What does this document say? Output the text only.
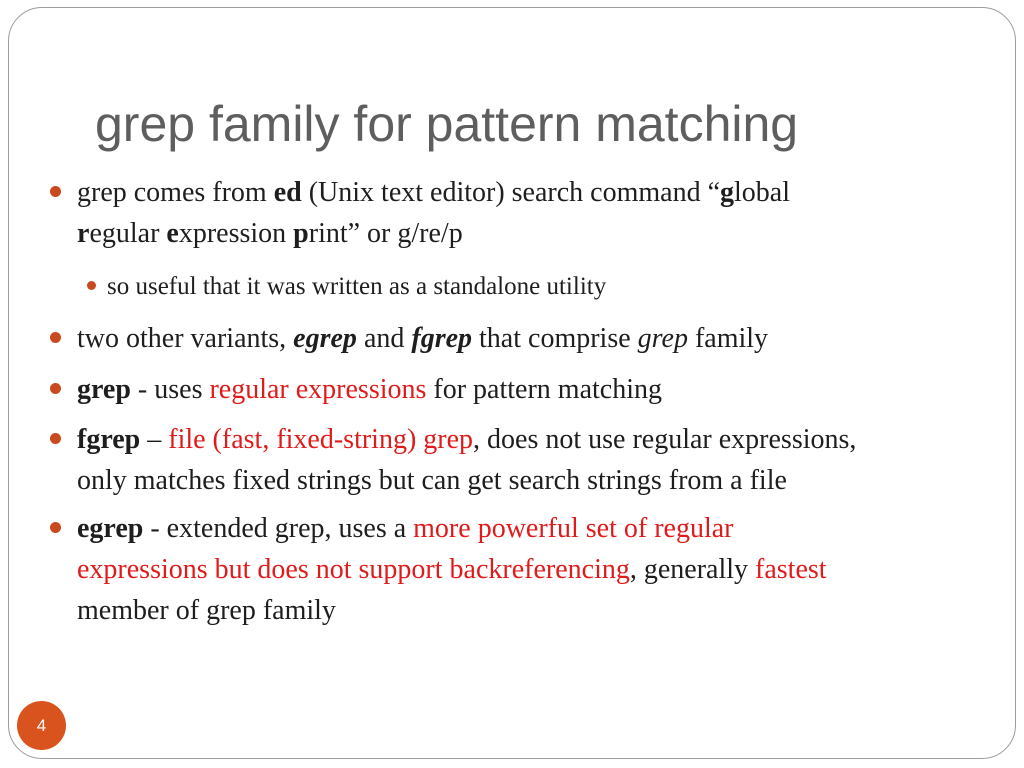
grep family for pattern matching
grep comes from ed (Unix text editor) search command “global
regular expression print” or g/re/p
so useful that it was written as a standalone utility
two other variants, egrep and fgrep that comprise grep family
grep - uses regular expressions for pattern matching
fgrep – file (fast, fixed-string) grep, does not use regular expressions,
only matches fixed strings but can get search strings from a file
egrep - extended grep, uses a more powerful set of regular
expressions but does not support backreferencing, generally fastest
member of grep family
4
